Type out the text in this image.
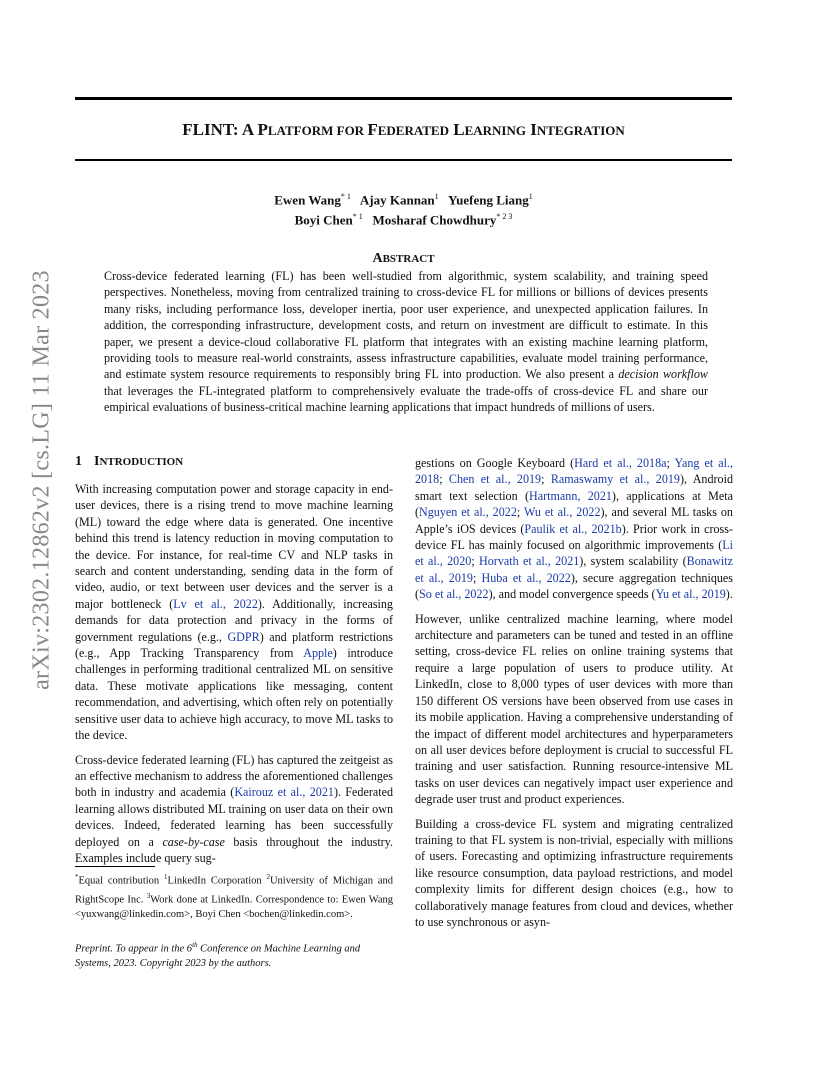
arXiv:2302.12862v2 [cs.LG] 11 Mar 2023
FLINT: A PLATFORM FOR FEDERATED LEARNING INTEGRATION
Ewen Wang$^{* 1}$ Ajay Kannan$^1$ Yuefeng Liang$^1$
Boyi Chen$^{* 1}$ Mosharaf Chowdhury$^{* 2 3}$
ABSTRACT

Cross-device federated learning (FL) has been well-studied from algorithmic, system scalability, and training speed perspectives. Nonetheless, moving from centralized training to cross-device FL for millions or billions of devices presents many risks, including performance loss, developer inertia, poor user experience, and unexpected application failures. In addition, the corresponding infrastructure, development costs, and return on investment are difficult to estimate. In this paper, we present a device-cloud collaborative FL platform that integrates with an existing machine learning platform, providing tools to measure real-world constraints, assess infrastructure capabilities, evaluate model training performance, and estimate system resource requirements to responsibly bring FL into production. We also present a decision workflow that leverages the FL-integrated platform to comprehensively evaluate the trade-offs of cross-device FL and share our empirical evaluations of business-critical machine learning applications that impact hundreds of millions of users.

1 INTRODUCTION

With increasing computation power and storage capacity in end-user devices, there is a rising trend to move machine learning (ML) toward the edge where data is generated. One incentive behind this trend is latency reduction in moving computation to the device. For instance, for real-time CV and NLP tasks in search and content understanding, sending data in the form of video, audio, or text between user devices and the server is a major bottleneck (Lv et al., 2022). Additionally, increasing demands for data protection and privacy in the forms of government regulations (e.g., GDPR) and platform restrictions (e.g., App Tracking Transparency from Apple) introduce challenges in performing traditional centralized ML on sensitive data. These motivate applications like messaging, content recommendation, and advertising, which often rely on potentially sensitive user data to achieve high accuracy, to move ML tasks to the device.

Cross-device federated learning (FL) has captured the zeitgeist as an effective mechanism to address the aforementioned challenges both in industry and academia (Kairouz et al., 2021). Federated learning allows distributed ML training on user data on their own devices. Indeed, federated learning has been successfully deployed on a case-by-case basis throughout the industry. Examples include query sug-

gestions on Google Keyboard (Hard et al., 2018a; Yang et al., 2018; Chen et al., 2019; Ramaswamy et al., 2019), Android smart text selection (Hartmann, 2021), applications at Meta (Nguyen et al., 2022; Wu et al., 2022), and several ML tasks on Apple’s iOS devices (Paulik et al., 2021b). Prior work in cross-device FL has mainly focused on algorithmic improvements (Li et al., 2020; Horvath et al., 2021), system scalability (Bonawitz et al., 2019; Huba et al., 2022), secure aggregation techniques (So et al., 2022), and model convergence speeds (Yu et al., 2019).

However, unlike centralized machine learning, where model architecture and parameters can be tuned and tested in an offline setting, cross-device FL relies on online training systems that require a large population of users to produce utility. At LinkedIn, close to 8,000 types of user devices with more than 150 different OS versions have been observed from use cases in its mobile application. Having a comprehensive understanding of the impact of different model architectures and hyperparameters on all user devices before deployment is crucial to successful FL training and user satisfaction. Running resource-intensive ML tasks on user devices can negatively impact user experience and degrade user trust and product experiences.

Building a cross-device FL system and migrating centralized training to that FL system is non-trivial, especially with millions of users. Forecasting and optimizing infrastructure requirements like resource consumption, data payload restrictions, and model complexity limits for different design choices (e.g., how to collaboratively manage features from cloud and devices, whether to use synchronous or asyn-

*Equal contribution $^1$LinkedIn Corporation $^2$University of Michigan and RightScope Inc. $^3$Work done at LinkedIn. Correspondence to: Ewen Wang <yuxwang@linkedin.com>, Boyi Chen <bochen@linkedin.com>.
Preprint. To appear in the 6th Conference on Machine Learning and Systems, 2023. Copyright 2023 by the authors.
